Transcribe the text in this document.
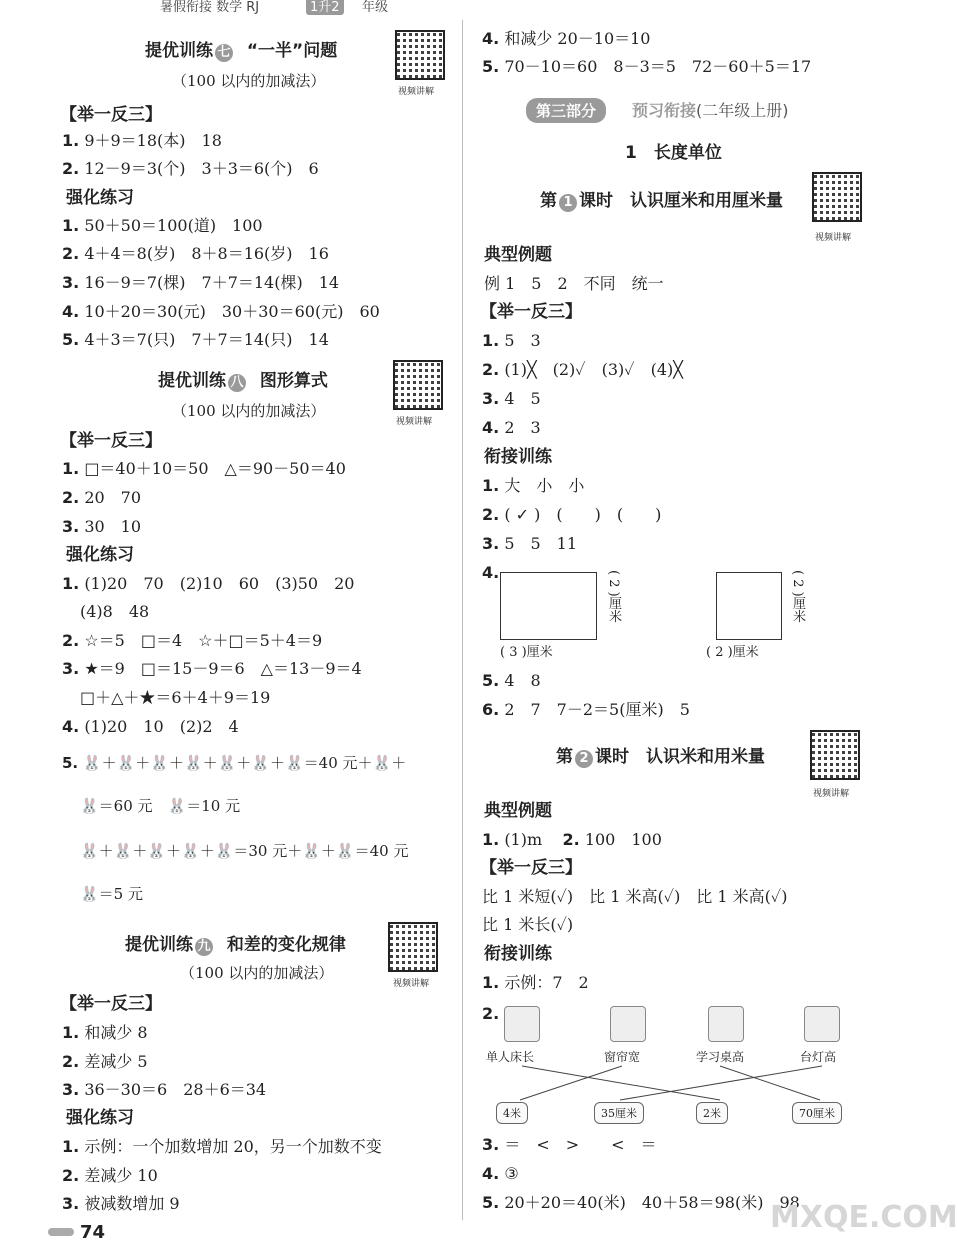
暑假衔接 数学 RJ	1升2	年级
提优训练 七 “一半”问题
（100 以内的加减法）
视频讲解
【举一反三】
1. 9＋9＝18(本)　18
2. 12－9＝3(个)　3＋3＝6(个)　6
强化练习
1. 50＋50＝100(道)　100
2. 4＋4＝8(岁)　8＋8＝16(岁)　16
3. 16－9＝7(棵)　7＋7＝14(棵)　14
4. 10＋20＝30(元)　30＋30＝60(元)　60
5. 4＋3＝7(只)　7＋7＝14(只)　14
提优训练 八 图形算式
（100 以内的加减法）
视频讲解
【举一反三】
1. □＝40＋10＝50　△＝90－50＝40
2. 20　70
3. 30　10
强化练习
1. (1)20　70　(2)10　60　(3)50　20
(4)8　48
2. ☆＝5　□＝4　☆＋□＝5＋4＝9
3. ★＝9　□＝15－9＝6　△＝13－9＝4
□＋△＋★＝6＋4＋9＝19
4. (1)20　10　(2)2　4
5. 🐰＋🐰＋🐰＋🐰＋🐰＋🐰＋🐰＝40 元＋🐰＋
🐰＝60 元　🐰＝10 元
🐰＋🐰＋🐰＋🐰＋🐰＝30 元＋🐰＋🐰＝40 元
🐰＝5 元
提优训练 九 和差的变化规律
（100 以内的加减法）
视频讲解
【举一反三】
1. 和减少 8
2. 差减少 5
3. 36－30＝6　28＋6＝34
强化练习
1. 示例：一个加数增加 20，另一个加数不变
2. 差减少 10
3. 被减数增加 9
74
4. 和减少 20－10＝10
5. 70－10＝60　8－3＝5　72－60＋5＝17
第三部分	预习衔接(二年级上册)
1　长度单位
第 1 课时　认识厘米和用厘米量
视频讲解
典型例题
例 1　5　2　不同　统一
【举一反三】
1. 5　3
2. (1)╳　(2)✓　(3)✓　(4)╳
3. 4　5
4. 2　3
衔接训练
1. 大　小　小
2. ( ✓ )　(　　)　(　　)
3. 5　5　11
4.
( 3 )厘米
( 2 )厘米
( 2 )厘米
( 2 )厘米
5. 4　8
6. 2　7　7－2＝5(厘米)　5
第 2 课时　认识米和用米量
视频讲解
典型例题
1. (1)m 2. 100　100
【举一反三】
比 1 米短(✓)　比 1 米高(✓)　比 1 米高(✓)
比 1 米长(✓)
衔接训练
1. 示例：7　2
2.
单人床长	窗帘宽	学习桌高	台灯高
4米	35厘米	2米	70厘米
3. ＝　<　>　　<　＝
4. ③
5. 20＋20＝40(米)　40＋58＝98(米)　98
MXQE.COM
